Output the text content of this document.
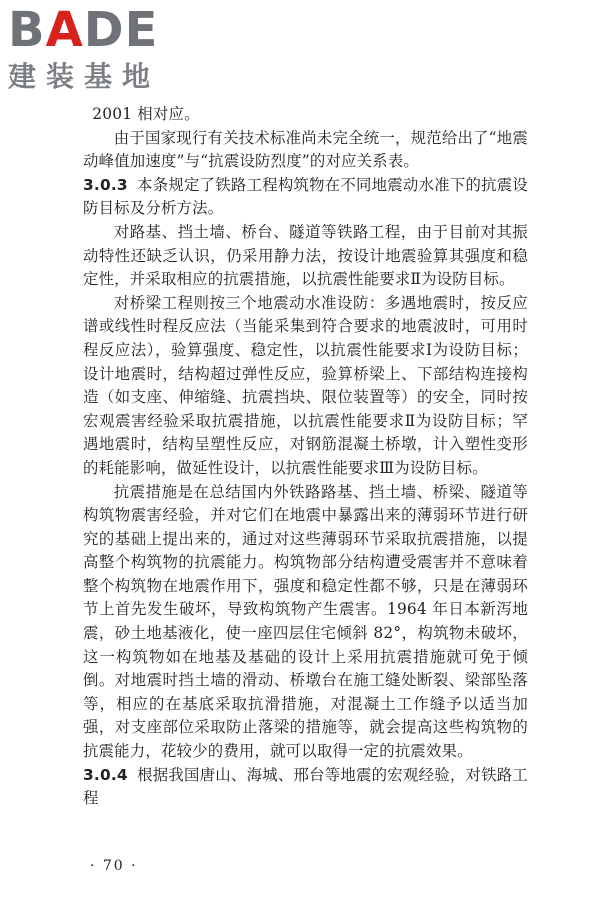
BADE
建装基地

2001 相对应。

由于国家现行有关技术标准尚未完全统一，规范给出了“地震动峰值加速度”与“抗震设防烈度”的对应关系表。

3.0.3 本条规定了铁路工程构筑物在不同地震动水准下的抗震设防目标及分析方法。

对路基、挡土墙、桥台、隧道等铁路工程，由于目前对其振动特性还缺乏认识，仍采用静力法，按设计地震验算其强度和稳定性，并采取相应的抗震措施，以抗震性能要求Ⅱ为设防目标。

对桥梁工程则按三个地震动水准设防：多遇地震时，按反应谱或线性时程反应法（当能采集到符合要求的地震波时，可用时程反应法），验算强度、稳定性，以抗震性能要求Ⅰ为设防目标；设计地震时，结构超过弹性反应，验算桥梁上、下部结构连接构造（如支座、伸缩缝、抗震挡块、限位装置等）的安全，同时按宏观震害经验采取抗震措施，以抗震性能要求Ⅱ为设防目标；罕遇地震时，结构呈塑性反应，对钢筋混凝土桥墩，计入塑性变形的耗能影响，做延性设计，以抗震性能要求Ⅲ为设防目标。

抗震措施是在总结国内外铁路路基、挡土墙、桥梁、隧道等构筑物震害经验，并对它们在地震中暴露出来的薄弱环节进行研究的基础上提出来的，通过对这些薄弱环节采取抗震措施，以提高整个构筑物的抗震能力。构筑物部分结构遭受震害并不意味着整个构筑物在地震作用下，强度和稳定性都不够，只是在薄弱环节上首先发生破坏，导致构筑物产生震害。1964 年日本新泻地震，砂土地基液化，使一座四层住宅倾斜 82°，构筑物未破坏，这一构筑物如在地基及基础的设计上采用抗震措施就可免于倾倒。对地震时挡土墙的滑动、桥墩台在施工缝处断裂、梁部坠落等，相应的在基底采取抗滑措施，对混凝土工作缝予以适当加强，对支座部位采取防止落梁的措施等，就会提高这些构筑物的抗震能力，花较少的费用，就可以取得一定的抗震效果。

3.0.4 根据我国唐山、海城、邢台等地震的宏观经验，对铁路工程

· 70 ·
